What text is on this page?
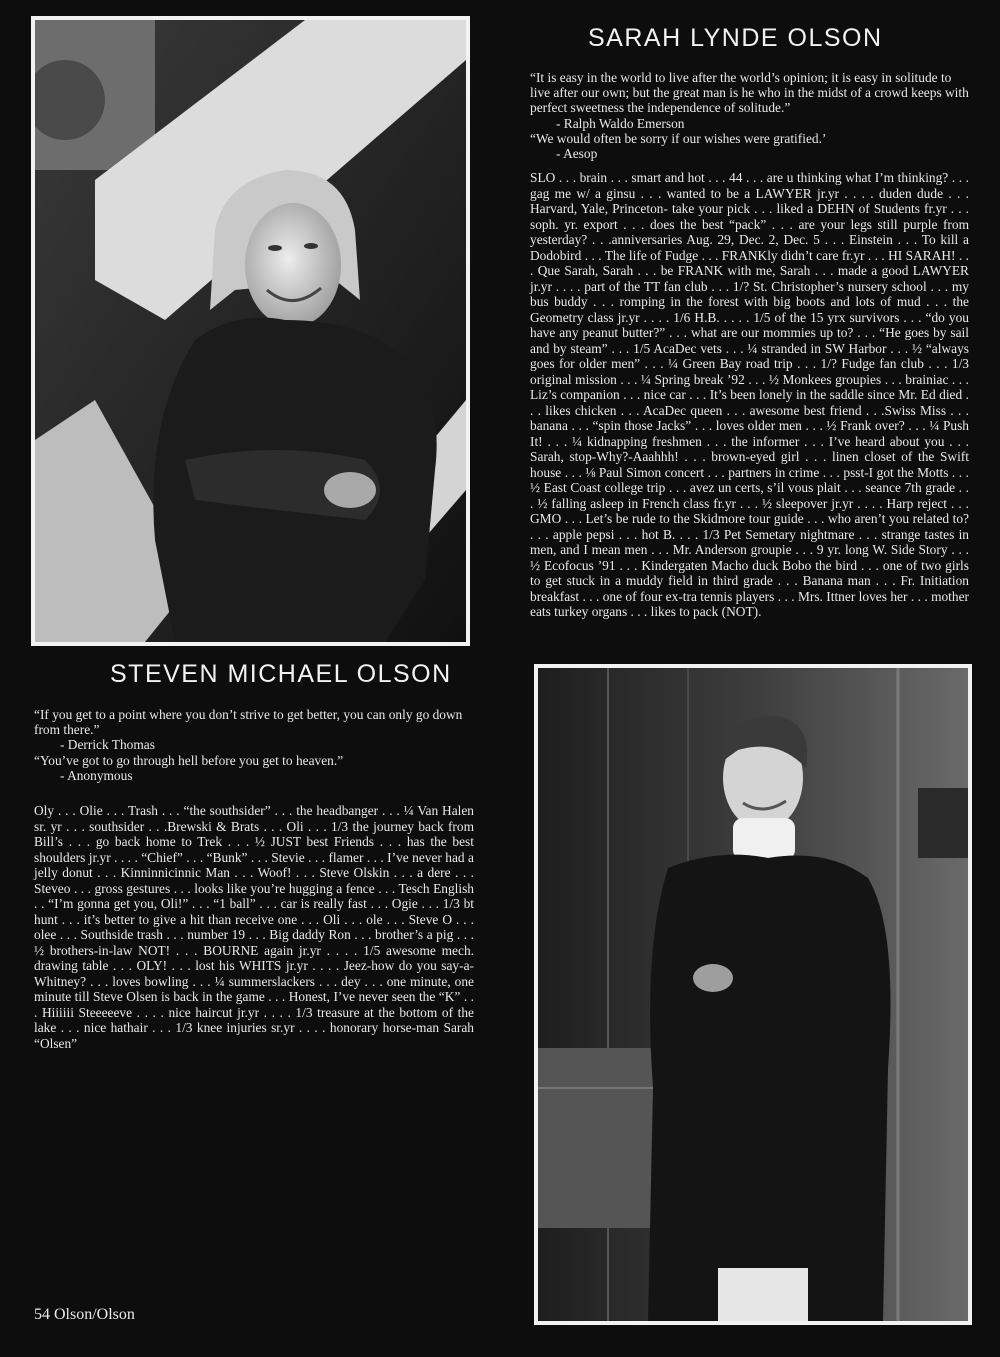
SARAH LYNDE OLSON

“It is easy in the world to live after the world’s opinion; it is easy in solitude to live after our own; but the great man is he who in the midst of a crowd keeps with perfect sweetness the independence of solitude.”

- Ralph Waldo Emerson

“We would often be sorry if our wishes were gratified.’

- Aesop

SLO . . . brain . . . smart and hot . . . 44 . . . are u thinking what I’m thinking? . . . gag me w/ a ginsu . . . wanted to be a LAWYER jr.yr . . . . duden dude . . . Harvard, Yale, Princeton- take your pick . . . liked a DEHN of Students fr.yr . . . soph. yr. export . . . does the best “pack” . . . are your legs still purple from yesterday? . . .anniversaries Aug. 29, Dec. 2, Dec. 5 . . . Einstein . . . To kill a Dodobird . . . The life of Fudge . . . FRANKly didn’t care fr.yr . . . HI SARAH! . . . Que Sarah, Sarah . . . be FRANK with me, Sarah . . . made a good LAWYER jr.yr . . . . part of the TT fan club . . . 1/? St. Christopher’s nursery school . . . my bus buddy . . . romping in the forest with big boots and lots of mud . . . the Geometry class jr.yr . . . . 1/6 H.B. . . . . 1/5 of the 15 yrx survivors . . . “do you have any peanut butter?” . . . what are our mommies up to? . . . “He goes by sail and by steam” . . . 1/5 AcaDec vets . . . ¼ stranded in SW Harbor . . . ½ “always goes for older men” . . . ¼ Green Bay road trip . . . 1/? Fudge fan club . . . 1/3 original mission . . . ¼ Spring break ’92 . . . ½ Monkees groupies . . . brainiac . . . Liz’s companion . . . nice car . . . It’s been lonely in the saddle since Mr. Ed died . . . likes chicken . . . AcaDec queen . . . awesome best friend . . .Swiss Miss . . . banana . . . “spin those Jacks” . . . loves older men . . . ½ Frank over? . . . ¼ Push It! . . . ¼ kidnapping freshmen . . . the informer . . . I’ve heard about you . . . Sarah, stop-Why?-Aaahhh! . . . brown-eyed girl . . . linen closet of the Swift house . . . ⅛ Paul Simon concert . . . partners in crime . . . psst-I got the Motts . . . ½ East Coast college trip . . . avez un certs, s’il vous plait . . . seance 7th grade . . . ½ falling asleep in French class fr.yr . . . ½ sleepover jr.yr . . . . Harp reject . . . GMO . . . Let’s be rude to the Skidmore tour guide . . . who aren’t you related to? . . . apple pepsi . . . hot B. . . . 1/3 Pet Semetary nightmare . . . strange tastes in men, and I mean men . . . Mr. Anderson groupie . . . 9 yr. long W. Side Story . . . ½ Ecofocus ’91 . . . Kindergaten Macho duck Bobo the bird . . . one of two girls to get stuck in a muddy field in third grade . . . Banana man . . . Fr. Initiation breakfast . . . one of four ex-tra tennis players . . . Mrs. Ittner loves her . . . mother eats turkey organs . . . likes to pack (NOT).

STEVEN MICHAEL OLSON

“If you get to a point where you don’t strive to get better, you can only go down from there.”

- Derrick Thomas

“You’ve got to go through hell before you get to heaven.”

- Anonymous

Oly . . . Olie . . . Trash . . . “the southsider” . . . the headbanger . . . ¼ Van Halen sr. yr . . . southsider . . .Brewski & Brats . . . Oli . . . 1/3 the journey back from Bill’s . . . go back home to Trek . . . ½ JUST best Friends . . . has the best shoulders jr.yr . . . . “Chief” . . . “Bunk” . . . Stevie . . . flamer . . . I’ve never had a jelly donut . . . Kinninnicinnic Man . . . Woof! . . . Steve Olskin . . . a dere . . . Steveo . . . gross gestures . . . looks like you’re hugging a fence . . . Tesch English . . “I’m gonna get you, Oli!” . . . “1 ball” . . . car is really fast . . . Ogie . . . 1/3 bt hunt . . . it’s better to give a hit than receive one . . . Oli . . . ole . . . Steve O . . . olee . . . Southside trash . . . number 19 . . . Big daddy Ron . . . brother’s a pig . . . ½ brothers-in-law NOT! . . . BOURNE again jr.yr . . . . 1/5 awesome mech. drawing table . . . OLY! . . . lost his WHITS jr.yr . . . . Jeez-how do you say-a-Whitney? . . . loves bowling . . . ¼ summerslackers . . . dey . . . one minute, one minute till Steve Olsen is back in the game . . . Honest, I’ve never seen the “K” . . . Hiiiiii Steeeeeve . . . . nice haircut jr.yr . . . . 1/3 treasure at the bottom of the lake . . . nice hathair . . . 1/3 knee injuries sr.yr . . . . honorary horse-man Sarah “Olsen”

54 Olson/Olson
